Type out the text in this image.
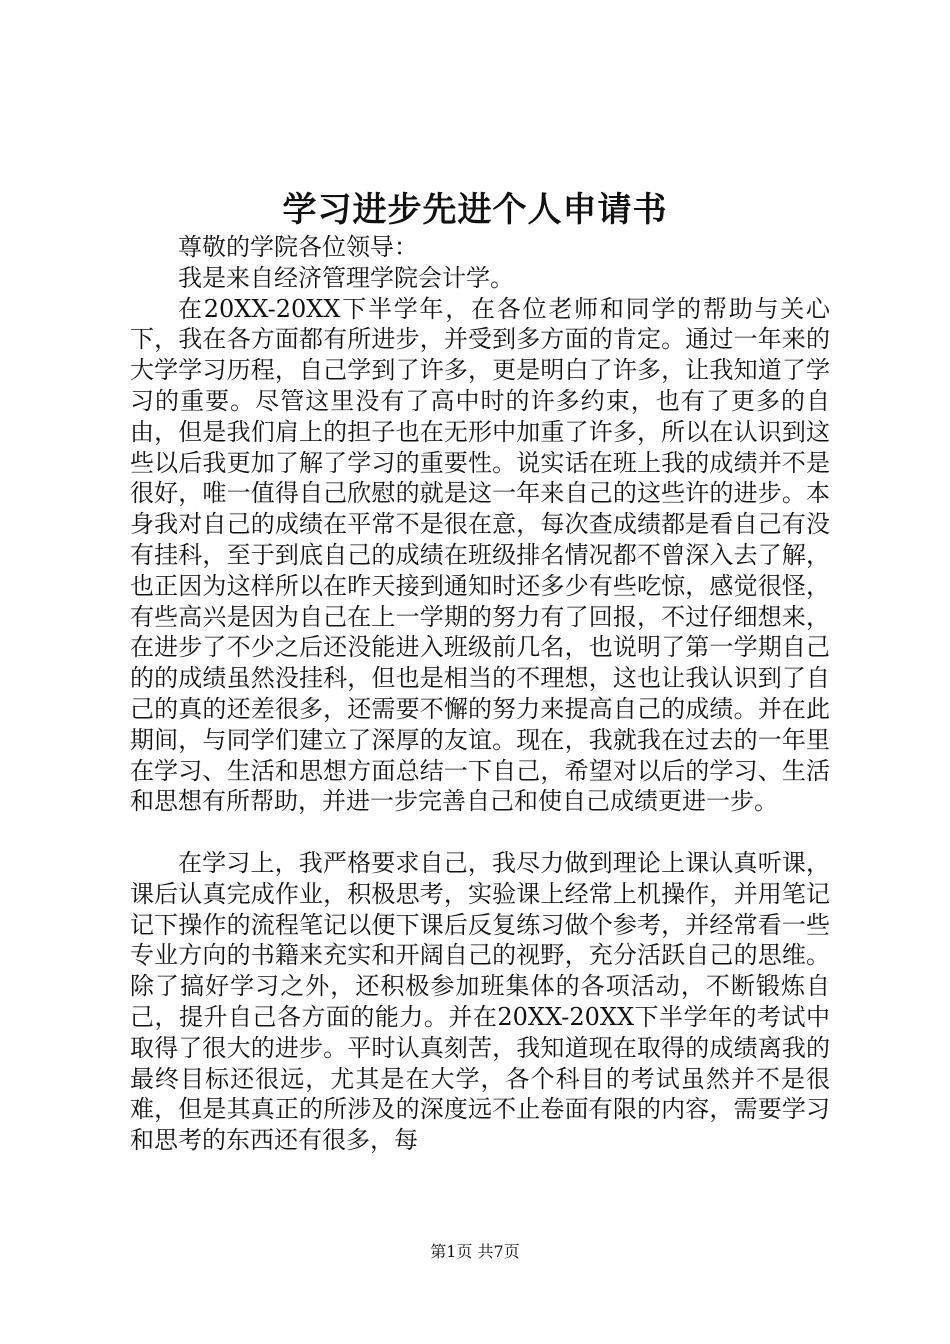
学习进步先进个人申请书

尊敬的学院各位领导：

我是来自经济管理学院会计学。

在20XX-20XX下半学年，在各位老师和同学的帮助与关心下，我在各方面都有所进步，并受到多方面的肯定。通过一年来的大学学习历程，自己学到了许多，更是明白了许多，让我知道了学习的重要。尽管这里没有了高中时的许多约束，也有了更多的自由，但是我们肩上的担子也在无形中加重了许多，所以在认识到这些以后我更加了解了学习的重要性。说实话在班上我的成绩并不是很好，唯一值得自己欣慰的就是这一年来自己的这些许的进步。本身我对自己的成绩在平常不是很在意，每次查成绩都是看自己有没有挂科，至于到底自己的成绩在班级排名情况都不曾深入去了解，也正因为这样所以在昨天接到通知时还多少有些吃惊，感觉很怪，有些高兴是因为自己在上一学期的努力有了回报，不过仔细想来，在进步了不少之后还没能进入班级前几名，也说明了第一学期自己的的成绩虽然没挂科，但也是相当的不理想，这也让我认识到了自己的真的还差很多，还需要不懈的努力来提高自己的成绩。并在此期间，与同学们建立了深厚的友谊。现在，我就我在过去的一年里在学习、生活和思想方面总结一下自己，希望对以后的学习、生活和思想有所帮助，并进一步完善自己和使自己成绩更进一步。

在学习上，我严格要求自己，我尽力做到理论上课认真听课，课后认真完成作业，积极思考，实验课上经常上机操作，并用笔记记下操作的流程笔记以便下课后反复练习做个参考，并经常看一些专业方向的书籍来充实和开阔自己的视野，充分活跃自己的思维。除了搞好学习之外，还积极参加班集体的各项活动，不断锻炼自己，提升自己各方面的能力。并在20XX-20XX下半学年的考试中取得了很大的进步。平时认真刻苦，我知道现在取得的成绩离我的最终目标还很远，尤其是在大学，各个科目的考试虽然并不是很难，但是其真正的所涉及的深度远不止卷面有限的内容，需要学习和思考的东西还有很多，每

第1页 共7页
